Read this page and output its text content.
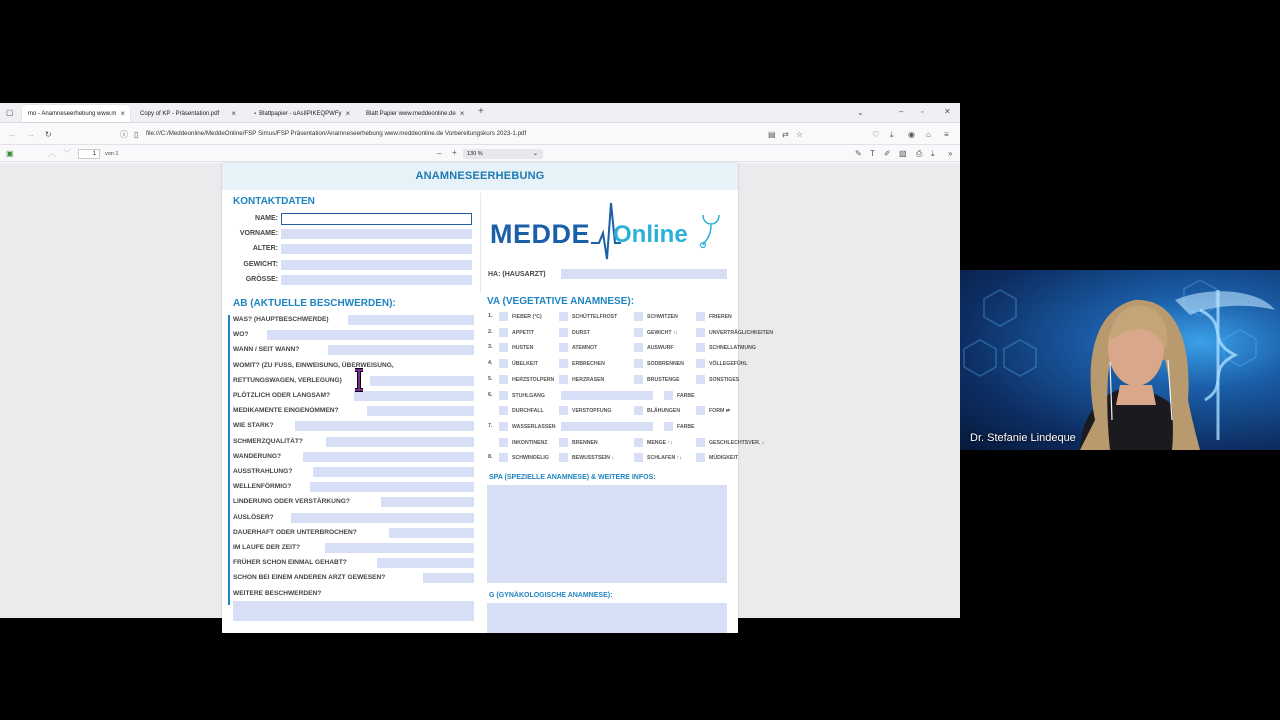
▢ mo - Anamneseerhebung www.m × Copy of KP - Präsentation.pdf	×	▪ Blattpapier - uAsIIPIKEQPWFy ×	Blatt Papier www.meddeonline.de × +	⌄	–	▫	✕
← → ↻	ⓘ ▯ file:///C:/Meddeonline/MeddeOnline/FSP Simus/FSP Präsentation/Anamneseerhebung www.meddeonline.de Vorbereitungskurs 2023-1.pdf	▤ ⇄ ☆	♡ ⤓ ◉ ⌂ ≡
▣	︿ ﹀	1	von 1	– +	130 %	⌄	✎ T ✐ ▧ ⎙ ⤓ »
ANAMNESEERHEBUNG
KONTAKTDATEN
NAME:
VORNAME:
ALTER:
GEWICHT:
GRÖSSE:
MEDDE Online
HA: (HAUSARZT)
AB (AKTUELLE BESCHWERDEN):	VA (VEGETATIVE ANAMNESE):
SPA (SPEZIELLE ANAMNESE) & WEITERE INFOS:
G (GYNÄKOLOGISCHE ANAMNESE):
WAS? (HAUPTBESCHWERDE)
WO?
WANN / SEIT WANN?
WOMIT? (ZU FUSS, EINWEISUNG, ÜBERWEISUNG,
RETTUNGSWAGEN, VERLEGUNG)
PLÖTZLICH ODER LANGSAM?
MEDIKAMENTE EINGENOMMEN?
WIE STARK?
SCHMERZQUALITÄT?
WANDERUNG?
AUSSTRAHLUNG?
WELLENFÖRMIG?
LINDERUNG ODER VERSTÄRKUNG?
AUSLÖSER?
DAUERHAFT ODER UNTERBROCHEN?
IM LAUFE DER ZEIT?
FRÜHER SCHON EINMAL GEHABT?
SCHON BEI EINEM ANDEREN ARZT GEWESEN?
WEITERE BESCHWERDEN?
1.	FIEBER (°C)	SCHÜTTELFROST	SCHWITZEN	FRIEREN
2.	APPETIT	DURST	GEWICHT ↑↓	UNVERTRÄGLICHKEITEN
3.	HUSTEN	ATEMNOT	AUSWURF	SCHNELLATMUNG
4.	ÜBELKEIT	ERBRECHEN	SODBRENNEN	VÖLLEGEFÜHL
5.	HERZSTOLPERN	HERZRASEN	BRUSTENGE	SONSTIGES
6.	STUHLGANG	FARBE
DURCHFALL	VERSTOPFUNG	BLÄHUNGEN	FORM ⇄
7.	WASSERLASSEN	FARBE
INKONTINENZ	BRENNEN	MENGE ↑↓	GESCHLECHTSVER. ↓
8.	SCHWINDELIG	BEWUSSTSEIN ↓	SCHLAFEN ↑↓	MÜDIGKEIT
Dr. Stefanie Lindeque
